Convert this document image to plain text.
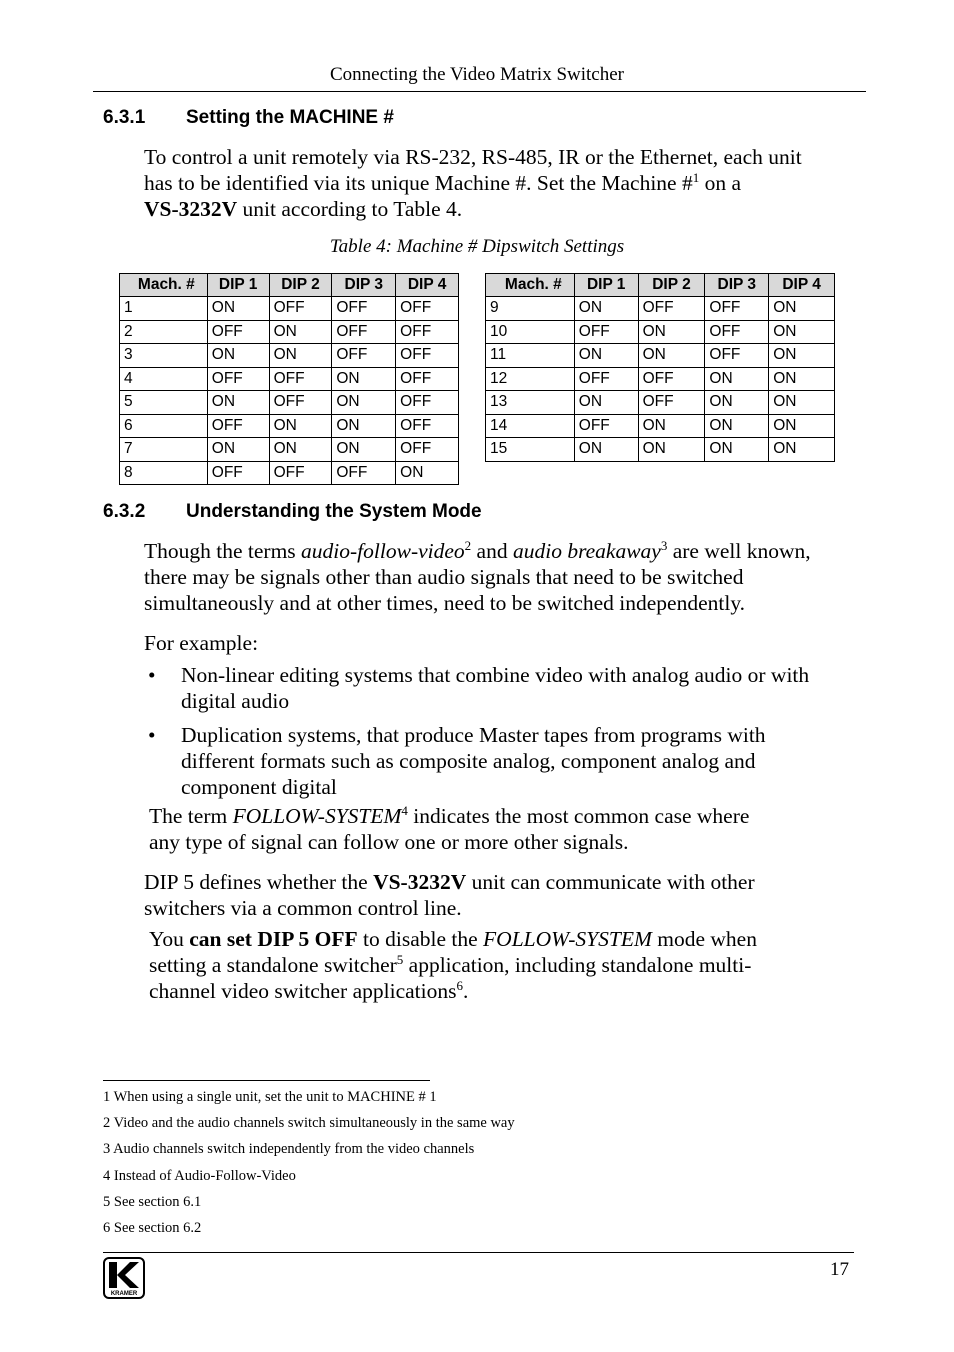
Connecting the Video Matrix Switcher
6.3.1 Setting the MACHINE #
To control a unit remotely via RS-232, RS-485, IR or the Ethernet, each unit
has to be identified via its unique Machine #. Set the Machine #$^1$ on a
VS-3232V unit according to Table 4.
Table 4: Machine # Dipswitch Settings
Mach. #	DIP 1	DIP 2	DIP 3	DIP 4
1	ON	OFF	OFF	OFF
2	OFF	ON	OFF	OFF
3	ON	ON	OFF	OFF
4	OFF	OFF	ON	OFF
5	ON	OFF	ON	OFF
6	OFF	ON	ON	OFF
7	ON	ON	ON	OFF
8	OFF	OFF	OFF	ON
Mach. #	DIP 1	DIP 2	DIP 3	DIP 4
9	ON	OFF	OFF	ON
10	OFF	ON	OFF	ON
11	ON	ON	OFF	ON
12	OFF	OFF	ON	ON
13	ON	OFF	ON	ON
14	OFF	ON	ON	ON
15	ON	ON	ON	ON
6.3.2 Understanding the System Mode
Though the terms audio-follow-video$^2$ and audio breakaway$^3$ are well known,
there may be signals other than audio signals that need to be switched
simultaneously and at other times, need to be switched independently.
For example:
• Non-linear editing systems that combine video with analog audio or with
digital audio
• Duplication systems, that produce Master tapes from programs with
different formats such as composite analog, component analog and
component digital
The term FOLLOW-SYSTEM$^4$ indicates the most common case where
any type of signal can follow one or more other signals.
DIP 5 defines whether the VS-3232V unit can communicate with other
switchers via a common control line.
You can set DIP 5 OFF to disable the FOLLOW-SYSTEM mode when
setting a standalone switcher$^5$ application, including standalone multi-
channel video switcher applications$^6$.
1 When using a single unit, set the unit to MACHINE # 1
2 Video and the audio channels switch simultaneously in the same way
3 Audio channels switch independently from the video channels
4 Instead of Audio-Follow-Video
5 See section 6.1
6 See section 6.2
KRAMER
17
